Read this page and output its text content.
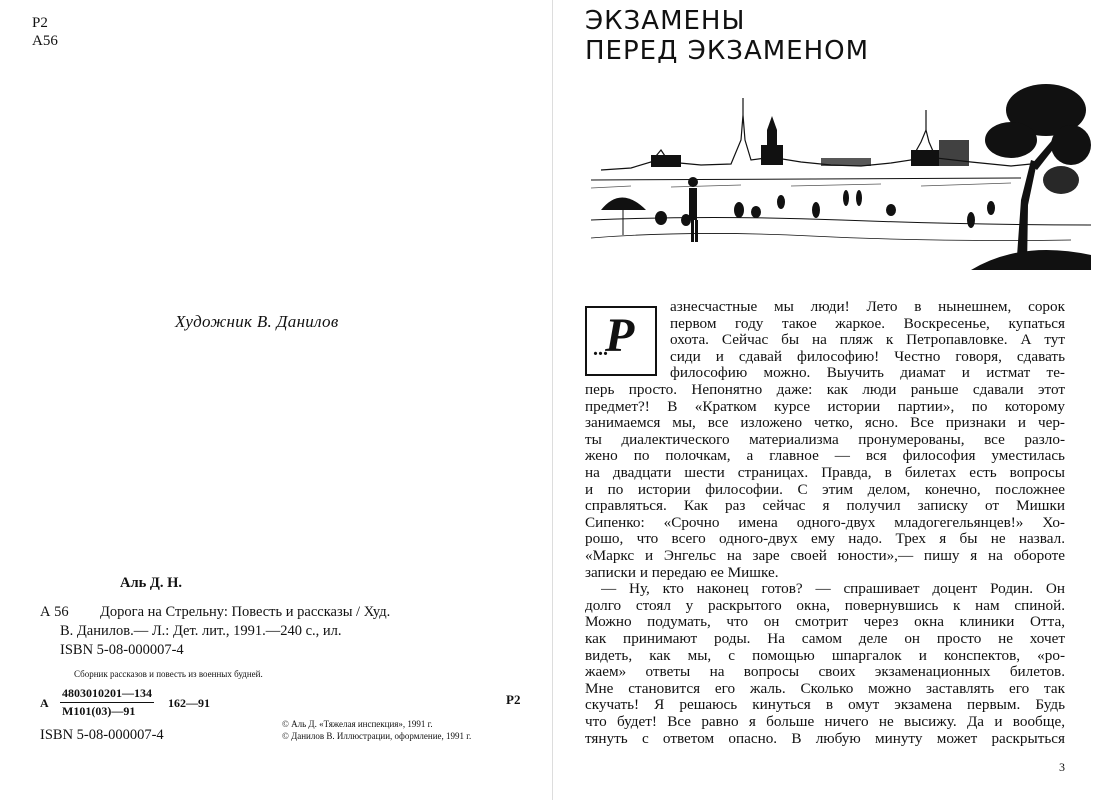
Р2
А56
Художник В. Данилов
Аль Д. Н.
А 56 Дорога на Стрельну: Повесть и рассказы / Худ.
В. Данилов.— Л.: Дет. лит., 1991.—240 с., ил.
ISBN 5-08-000007-4
Сборник рассказов и повесть из военных будней.
А
4803010201—134
М101(03)—91
162—91	Р2
ISBN 5-08-000007-4
© Аль Д. «Тяжелая инспекция», 1991 г.
© Данилов В. Иллюстрации, оформление, 1991 г.
ЭКЗАМЕНЫ
ПЕРЕД ЭКЗАМЕНОМ
Р
...
азнесчастные мы люди! Лето в нынешнем, сорок
первом году такое жаркое. Воскресенье, купаться
охота. Сейчас бы на пляж к Петропавловке. А тут
сиди и сдавай философию! Честно говоря, сдавать
философию можно. Выучить диамат и истмат те-
перь просто. Непонятно даже: как люди раньше сдавали этот
предмет?! В «Кратком курсе истории партии», по которому
занимаемся мы, все изложено четко, ясно. Все признаки и чер-
ты диалектического материализма пронумерованы, все разло-
жено по полочкам, а главное — вся философия уместилась
на двадцати шести страницах. Правда, в билетах есть вопросы
и по истории философии. С этим делом, конечно, посложнее
справляться. Как раз сейчас я получил записку от Мишки
Сипенко: «Срочно имена одного-двух младогегельянцев!» Хо-
рошо, что всего одного-двух ему надо. Трех я бы не назвал.
«Маркс и Энгельс на заре своей юности»,— пишу я на обороте
записки и передаю ее Мишке.
— Ну, кто наконец готов? — спрашивает доцент Родин. Он
долго стоял у раскрытого окна, повернувшись к нам спиной.
Можно подумать, что он смотрит через окна клиники Отта,
как принимают роды. На самом деле он просто не хочет
видеть, как мы, с помощью шпаргалок и конспектов, «ро-
жаем» ответы на вопросы своих экзаменационных билетов.
Мне становится его жаль. Сколько можно заставлять его так
скучать! Я решаюсь кинуться в омут экзамена первым. Будь
что будет! Все равно я больше ничего не высижу. Да и вообще,
тянуть с ответом опасно. В любую минуту может раскрыться
3
